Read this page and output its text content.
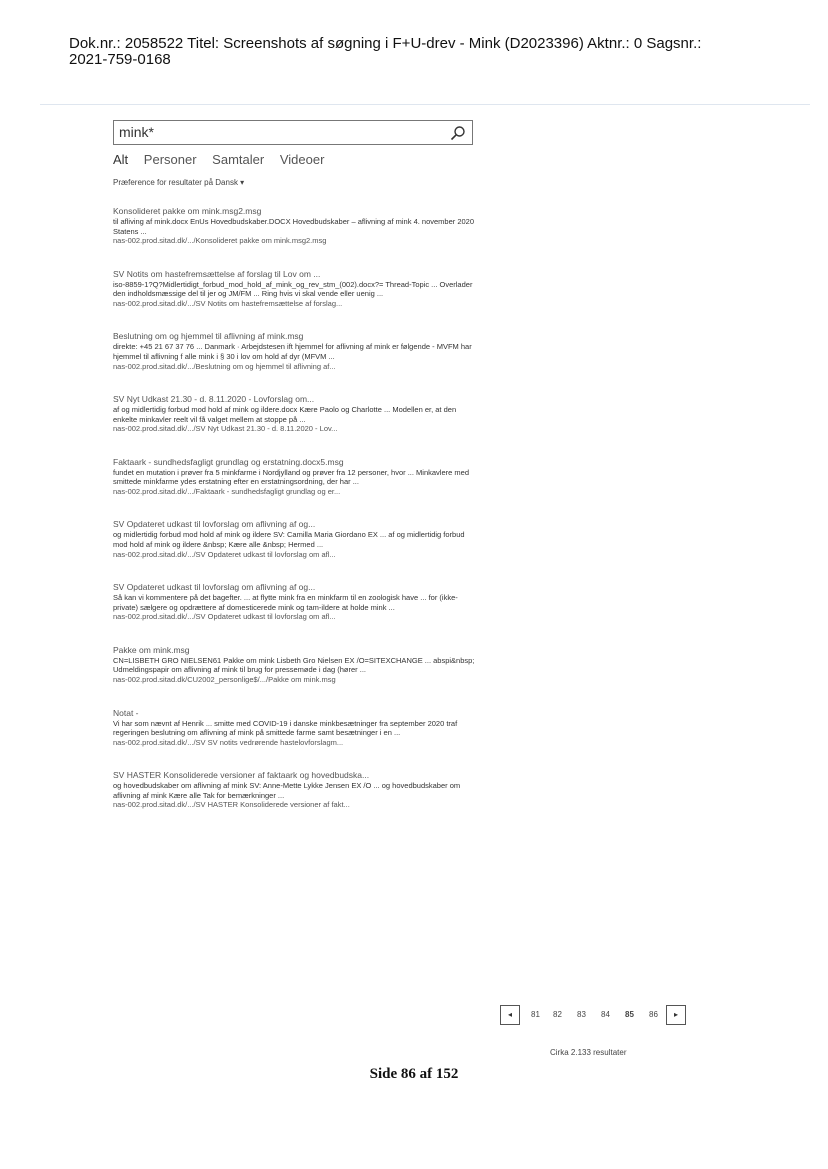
Dok.nr.: 2058522 Titel: Screenshots af søgning i F+U-drev - Mink (D2023396) Aktnr.: 0 Sagsnr.:
2021-759-0168
mink*
Alt Personer Samtaler Videoer
Præference for resultater på Dansk ▾
Konsolideret pakke om mink.msg2.msg
til afliving af mink.docx EnUs Hovedbudskaber.DOCX Hovedbudskaber – aflivning af mink 4. november 2020 Statens ...
nas-002.prod.sitad.dk/.../Konsolideret pakke om mink.msg2.msg
SV Notits om hastefremsættelse af forslag til Lov om ...
iso-8859-1?Q?Midlertidigt_forbud_mod_hold_af_mink_og_rev_stm_(002).docx?= Thread-Topic ... Overlader den indholdsmæssige del til jer og JM/FM ... Ring hvis vi skal vende eller uenig ...
nas-002.prod.sitad.dk/.../SV Notits om hastefremsættelse af forslag...
Beslutning om og hjemmel til aflivning af mink.msg
direkte: +45 21 67 37 76 ... Danmark · Arbejdstesen ift hjemmel for aflivning af mink er følgende - MVFM har hjemmel til aflivning f alle mink i § 30 i lov om hold af dyr (MFVM ...
nas-002.prod.sitad.dk/.../Beslutning om og hjemmel til aflivning af...
SV Nyt Udkast 21.30 - d. 8.11.2020 - Lovforslag om...
af og midlertidig forbud mod hold af mink og ildere.docx Kære Paolo og Charlotte ... Modellen er, at den enkelte minkavler reelt vil få valget mellem at stoppe på ...
nas-002.prod.sitad.dk/.../SV Nyt Udkast 21.30 - d. 8.11.2020 - Lov...
Faktaark - sundhedsfagligt grundlag og erstatning.docx5.msg
fundet en mutation i prøver fra 5 minkfarme i Nordjylland og prøver fra 12 personer, hvor ... Minkavlere med smittede minkfarme ydes erstatning efter en erstatningsordning, der har ...
nas-002.prod.sitad.dk/.../Faktaark - sundhedsfagligt grundlag og er...
SV Opdateret udkast til lovforslag om aflivning af og...
og midlertidig forbud mod hold af mink og ildere SV: Camilla Maria Giordano EX ... af og midlertidig forbud mod hold af mink og ildere &nbsp; Kære alle &nbsp; Hermed ...
nas-002.prod.sitad.dk/.../SV Opdateret udkast til lovforslag om afl...
SV Opdateret udkast til lovforslag om aflivning af og...
Så kan vi kommentere på det bagefter. ... at flytte mink fra en minkfarm til en zoologisk have ... for (ikke-private) sælgere og opdrættere af domesticerede mink og tam-ildere at holde mink ...
nas-002.prod.sitad.dk/.../SV Opdateret udkast til lovforslag om afl...
Pakke om mink.msg
CN=LISBETH GRO NIELSEN61 Pakke om mink Lisbeth Gro Nielsen EX /O=SITEXCHANGE ... abspi&nbsp; Udmeldingspapir om aflivning af mink til brug for pressemøde i dag (hører ...
nas-002.prod.sitad.dk/CU2002_personlige$/.../Pakke om mink.msg
Notat -
Vi har som nævnt af Henrik ... smitte med COVID-19 i danske minkbesætninger fra september 2020 traf regeringen beslutning om aflivning af mink på smittede farme samt besætninger i en ...
nas-002.prod.sitad.dk/.../SV SV notits vedrørende hastelovforslagm...
SV HASTER Konsoliderede versioner af faktaark og hovedbudska...
og hovedbudskaber om aflivning af mink SV: Anne-Mette Lykke Jensen EX /O ... og hovedbudskaber om aflivning af mink Kære alle Tak for bemærkninger ...
nas-002.prod.sitad.dk/.../SV HASTER Konsoliderede versioner af fakt...
◂	81 82 83 84 85 86	▸
Cirka 2.133 resultater
Side 86 af 152
